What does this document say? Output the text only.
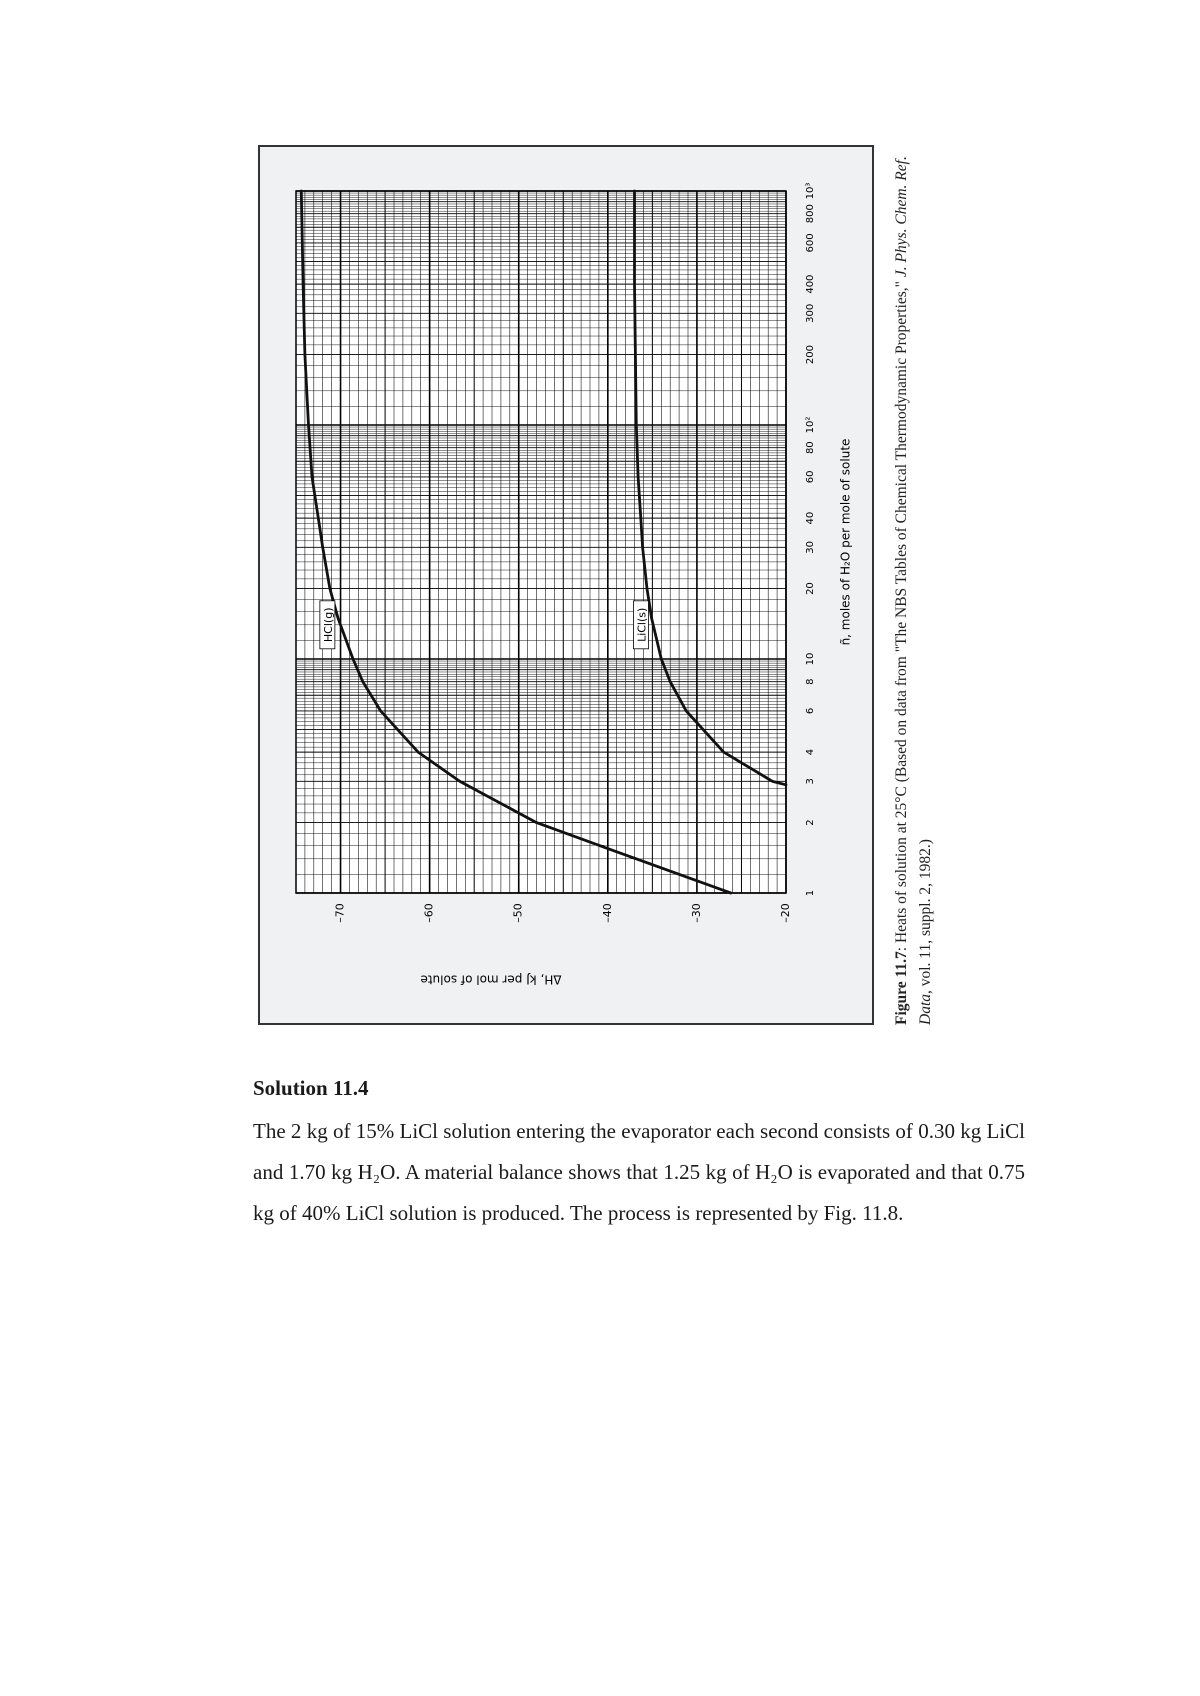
HCl(g)	LiCl(s)
–70	–60	–50	–40	–30	–20
1
2
3
4
6
8
10
20
30
40
60
80
10²
200
300
400
600
800
10³
ñ, moles of H₂O per mole of solute
ΔH, kJ per mol of solute	Figure 11.7: Heats of solution at 25°C (Based on data from "The NBS Tables of Chemical Thermodynamic Properties," J. Phys. Chem. Ref. Data, vol. 11, suppl. 2, 1982.)
Solution 11.4

The 2 kg of 15% LiCl solution entering the evaporator each second consists of 0.30 kg LiCl and 1.70 kg H₂O. A material balance shows that 1.25 kg of H₂O is evaporated and that 0.75 kg of 40% LiCl solution is produced. The process is represented by Fig. 11.8.
